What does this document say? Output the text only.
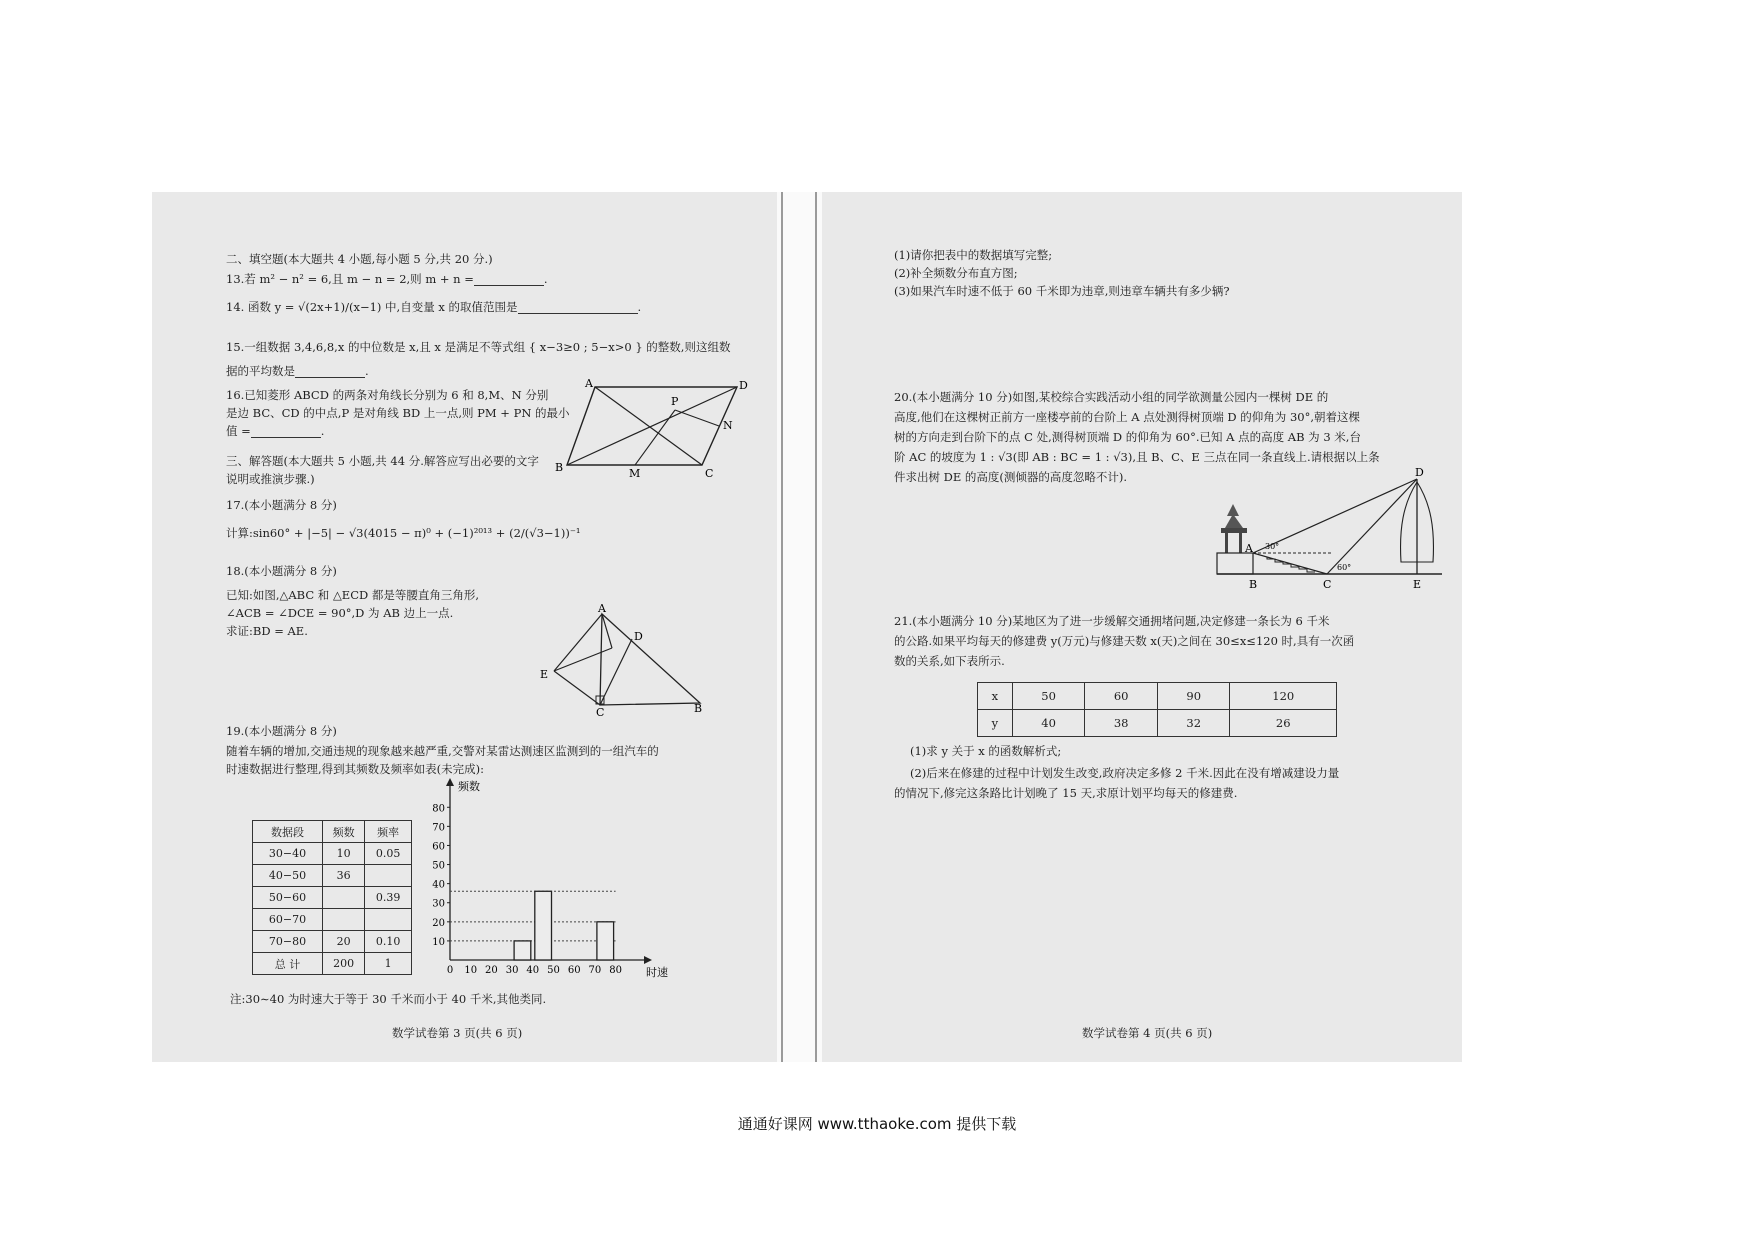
二、填空题(本大题共 4 小题,每小题 5 分,共 20 分.)
13.若 m² − n² = 6,且 m − n = 2,则 m + n =	.
14. 函数 y = √(2x+1)/(x−1) 中,自变量 x 的取值范围是	.
15.一组数据 3,4,6,8,x 的中位数是 x,且 x 是满足不等式组 { x−3≥0 ; 5−x>0 } 的整数,则这组数
据的平均数是	.
16.已知菱形 ABCD 的两条对角线长分别为 6 和 8,M、N 分别
是边 BC、CD 的中点,P 是对角线 BD 上一点,则 PM + PN 的最小
值 =	.
A	D
P
N
B	M	C
三、解答题(本大题共 5 小题,共 44 分.解答应写出必要的文字
说明或推演步骤.)
17.(本小题满分 8 分)
计算:sin60° + |−5| − √3(4015 − π)⁰ + (−1)²⁰¹³ + (2/(√3−1))⁻¹
18.(本小题满分 8 分)
已知:如图,△ABC 和 △ECD 都是等腰直角三角形,
∠ACB = ∠DCE = 90°,D 为 AB 边上一点.
求证:BD = AE.
A
D
E
C	B
19.(本小题满分 8 分)
随着车辆的增加,交通违规的现象越来越严重,交警对某雷达测速区监测到的一组汽车的
时速数据进行整理,得到其频数及频率如表(未完成):
数据段	频数	频率
30−40	10	0.05
40−50	36	
50−60		0.39
60−70		
70−80	20	0.10
总 计	200	1
频数
时速
10
20
30
40
50
60
70
80
0 10 20 30 40 50 60 70 80
注:30∼40 为时速大于等于 30 千米而小于 40 千米,其他类同.
数学试卷第 3 页(共 6 页)
(1)请你把表中的数据填写完整;
(2)补全频数分布直方图;
(3)如果汽车时速不低于 60 千米即为违章,则违章车辆共有多少辆?
20.(本小题满分 10 分)如图,某校综合实践活动小组的同学欲测量公园内一棵树 DE 的
高度,他们在这棵树正前方一座楼亭前的台阶上 A 点处测得树顶端 D 的仰角为 30°,朝着这棵
树的方向走到台阶下的点 C 处,测得树顶端 D 的仰角为 60°.已知 A 点的高度 AB 为 3 米,台
阶 AC 的坡度为 1 : √3(即 AB : BC = 1 : √3),且 B、C、E 三点在同一条直线上.请根据以上条
件求出树 DE 的高度(测倾器的高度忽略不计).
A
B	C	E
D
30°
60°
21.(本小题满分 10 分)某地区为了进一步缓解交通拥堵问题,决定修建一条长为 6 千米
的公路.如果平均每天的修建费 y(万元)与修建天数 x(天)之间在 30≤x≤120 时,具有一次函
数的关系,如下表所示.
x	50	60	90	120
y	40	38	32	26
(1)求 y 关于 x 的函数解析式;
(2)后来在修建的过程中计划发生改变,政府决定多修 2 千米.因此在没有增减建设力量
的情况下,修完这条路比计划晚了 15 天,求原计划平均每天的修建费.
数学试卷第 4 页(共 6 页)
通通好课网 www.tthaoke.com 提供下载
